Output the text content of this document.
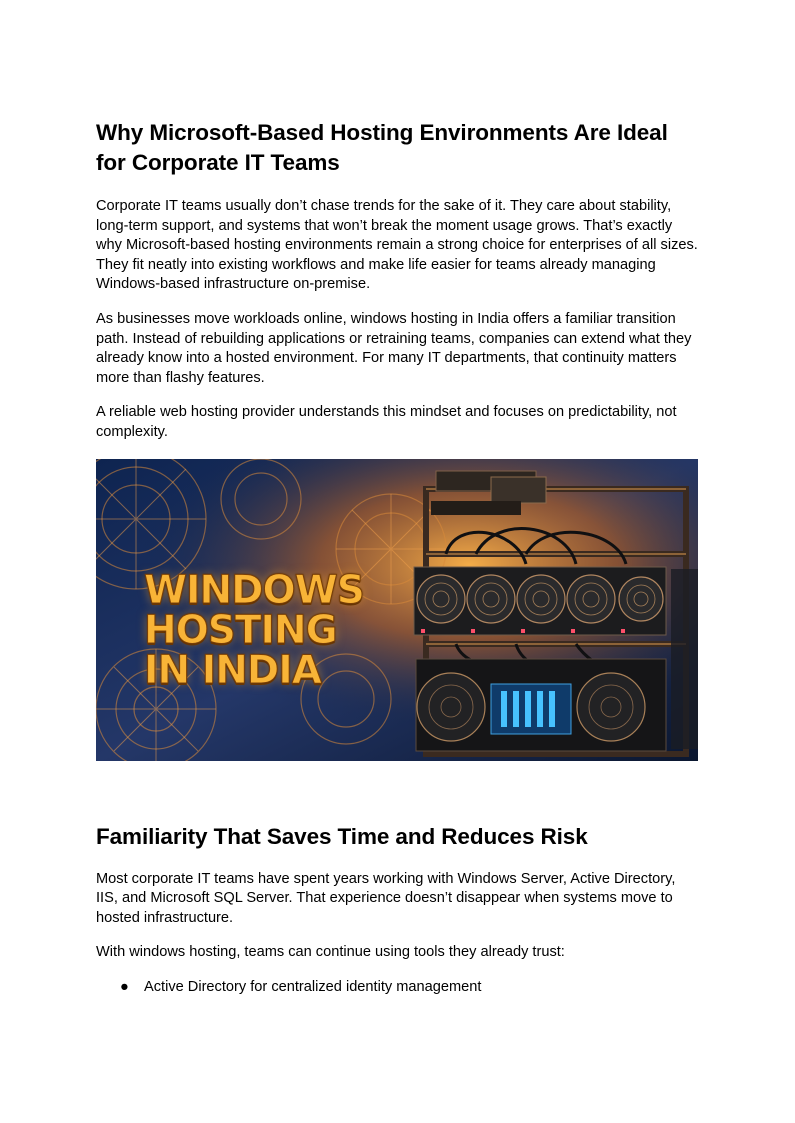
Why Microsoft-Based Hosting Environments Are Ideal for Corporate IT Teams

Corporate IT teams usually don’t chase trends for the sake of it. They care about stability, long-term support, and systems that won’t break the moment usage grows. That’s exactly why Microsoft-based hosting environments remain a strong choice for enterprises of all sizes. They fit neatly into existing workflows and make life easier for teams already managing Windows-based infrastructure on-premise.

As businesses move workloads online, windows hosting in India offers a familiar transition path. Instead of rebuilding applications or retraining teams, companies can extend what they already know into a hosted environment. For many IT departments, that continuity matters more than flashy features.

A reliable web hosting provider understands this mindset and focuses on predictability, not complexity.

WINDOWS
HOSTING
IN INDIA
Familiarity That Saves Time and Reduces Risk

Most corporate IT teams have spent years working with Windows Server, Active Directory, IIS, and Microsoft SQL Server. That experience doesn’t disappear when systems move to hosted infrastructure.

With windows hosting, teams can continue using tools they already trust:

● Active Directory for centralized identity management
